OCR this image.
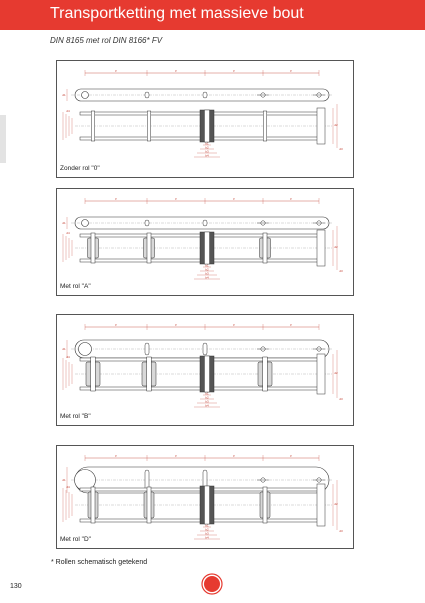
Transportketting met massieve bout
DIN 8165 met rol DIN 8166* FV
p	p	p	p
d1
d2
d3
d4
b1
b2
b3
b4
Zonder rol "0"
p	p	p	p
d1
d2
d3
d4
b1
b2
b3
b4
Met rol "A"
p	p	p	p
d1
d2
d3
d4
b1
b2
b3
b4
Met rol "B"
p	p	p	p
d1
d2
d3
d4
b1
b2
b3
b4
Met rol "D"
* Rollen schematisch getekend
130
